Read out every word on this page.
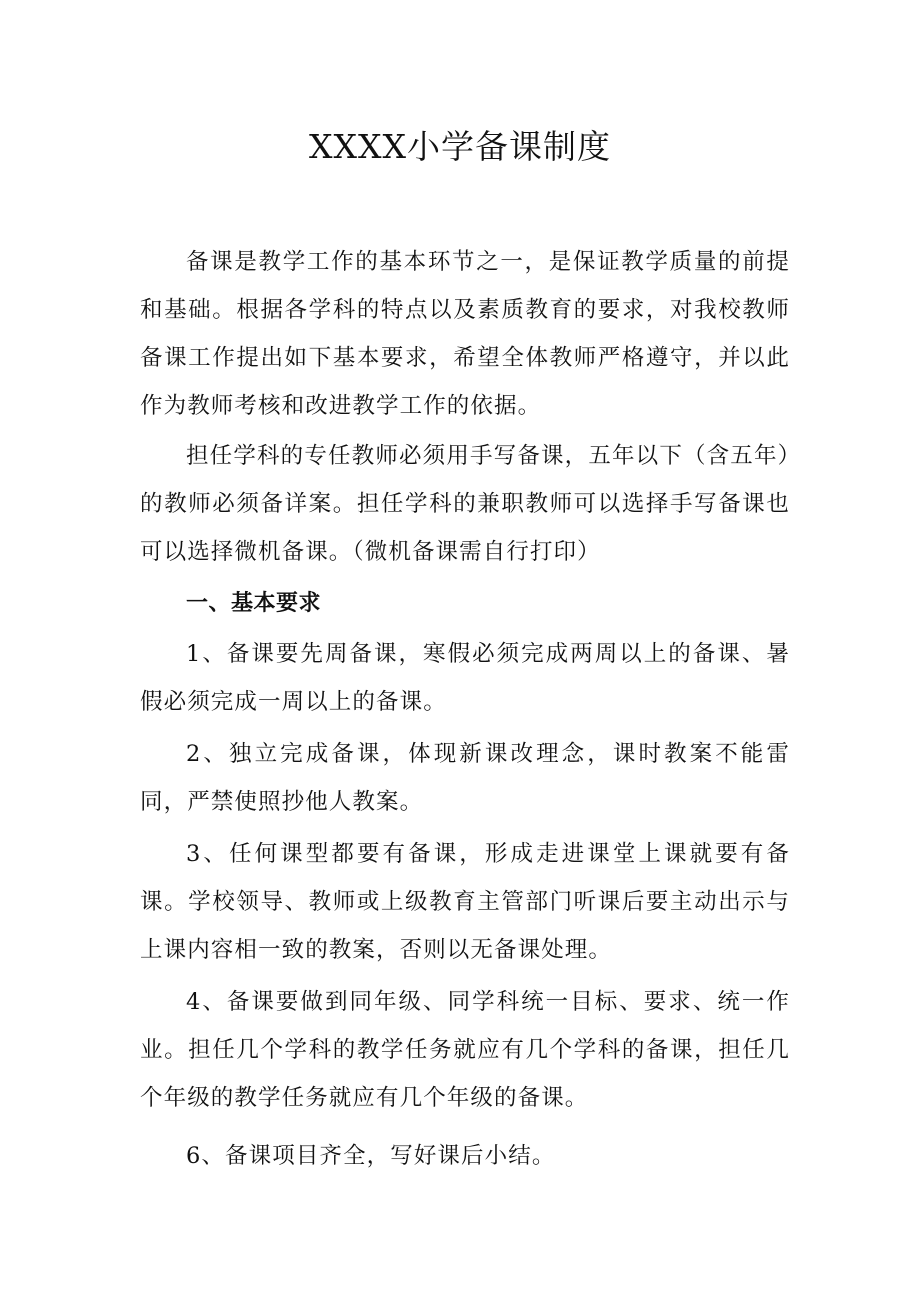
XXXX小学备课制度

备课是教学工作的基本环节之一，是保证教学质量的前提和基础。根据各学科的特点以及素质教育的要求，对我校教师备课工作提出如下基本要求，希望全体教师严格遵守，并以此作为教师考核和改进教学工作的依据。

担任学科的专任教师必须用手写备课，五年以下（含五年）的教师必须备详案。担任学科的兼职教师可以选择手写备课也可以选择微机备课。（微机备课需自行打印）

一、基本要求

1、备课要先周备课，寒假必须完成两周以上的备课、暑假必须完成一周以上的备课。

2、独立完成备课，体现新课改理念，课时教案不能雷同，严禁使照抄他人教案。

3、任何课型都要有备课，形成走进课堂上课就要有备课。学校领导、教师或上级教育主管部门听课后要主动出示与上课内容相一致的教案，否则以无备课处理。

4、备课要做到同年级、同学科统一目标、要求、统一作业。担任几个学科的教学任务就应有几个学科的备课，担任几个年级的教学任务就应有几个年级的备课。

6、备课项目齐全，写好课后小结。
